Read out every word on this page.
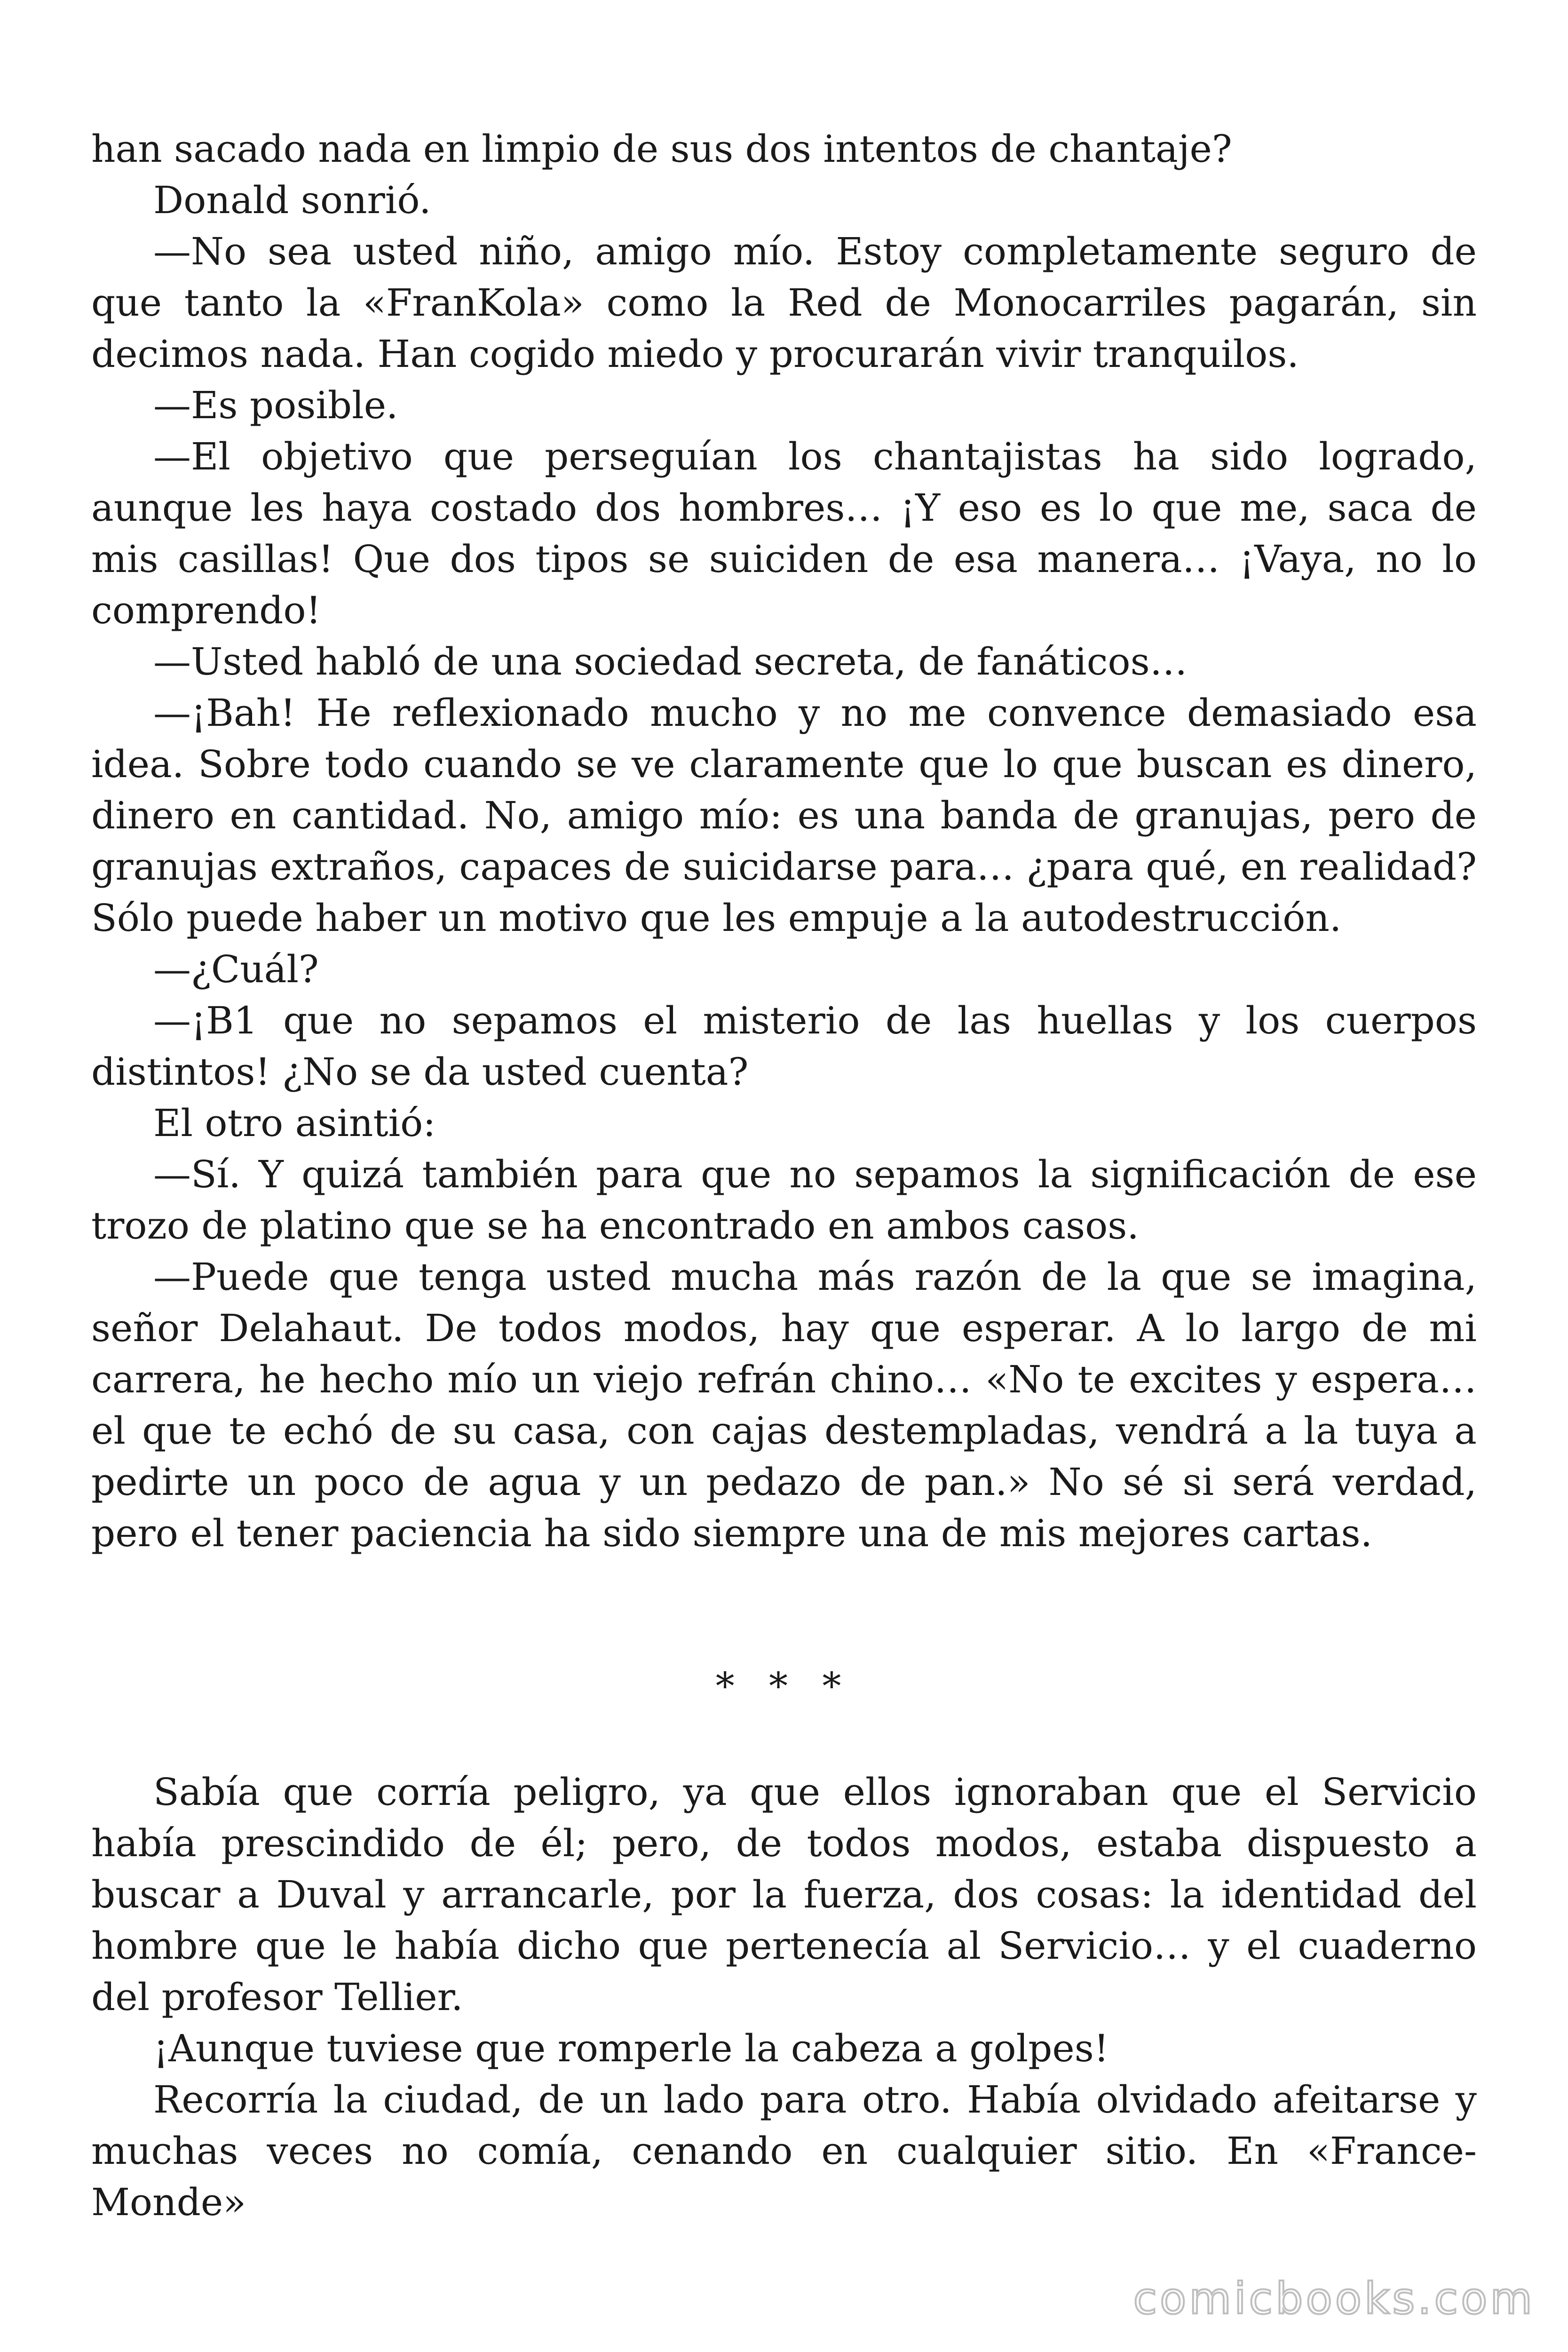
han sacado nada en limpio de sus dos intentos de chantaje?

Donald sonrió.

—No sea usted niño, amigo mío. Estoy completamente seguro de que tanto la «FranKola» como la Red de Monocarriles pagarán, sin decimos nada. Han cogido miedo y procurarán vivir tranquilos.

—Es posible.

—El objetivo que perseguían los chantajistas ha sido logrado, aunque les haya costado dos hombres… ¡Y eso es lo que me, saca de mis casillas! Que dos tipos se suiciden de esa manera… ¡Vaya, no lo comprendo!

—Usted habló de una sociedad secreta, de fanáticos…

—¡Bah! He reflexionado mucho y no me convence demasiado esa idea. Sobre todo cuando se ve claramente que lo que buscan es dinero, dinero en cantidad. No, amigo mío: es una banda de granujas, pero de granujas extraños, capaces de suicidarse para… ¿para qué, en realidad? Sólo puede haber un motivo que les empuje a la autodestrucción.

—¿Cuál?

—¡B1 que no sepamos el misterio de las huellas y los cuerpos distintos! ¿No se da usted cuenta?

El otro asintió:

—Sí. Y quizá también para que no sepamos la significación de ese trozo de platino que se ha encontrado en ambos casos.

—Puede que tenga usted mucha más razón de la que se imagina, señor Delahaut. De todos modos, hay que esperar. A lo largo de mi carrera, he hecho mío un viejo refrán chino… «No te excites y espera… el que te echó de su casa, con cajas destempladas, vendrá a la tuya a pedirte un poco de agua y un pedazo de pan.» No sé si será verdad, pero el tener paciencia ha sido siempre una de mis mejores cartas.

* * *

Sabía que corría peligro, ya que ellos ignoraban que el Servicio había prescindido de él; pero, de todos modos, estaba dispuesto a buscar a Duval y arrancarle, por la fuerza, dos cosas: la identidad del hombre que le había dicho que pertenecía al Servicio… y el cuaderno del profesor Tellier.

¡Aunque tuviese que romperle la cabeza a golpes!

Recorría la ciudad, de un lado para otro. Había olvidado afeitarse y muchas veces no comía, cenando en cualquier sitio. En «France-Monde»

comicbooks.com
